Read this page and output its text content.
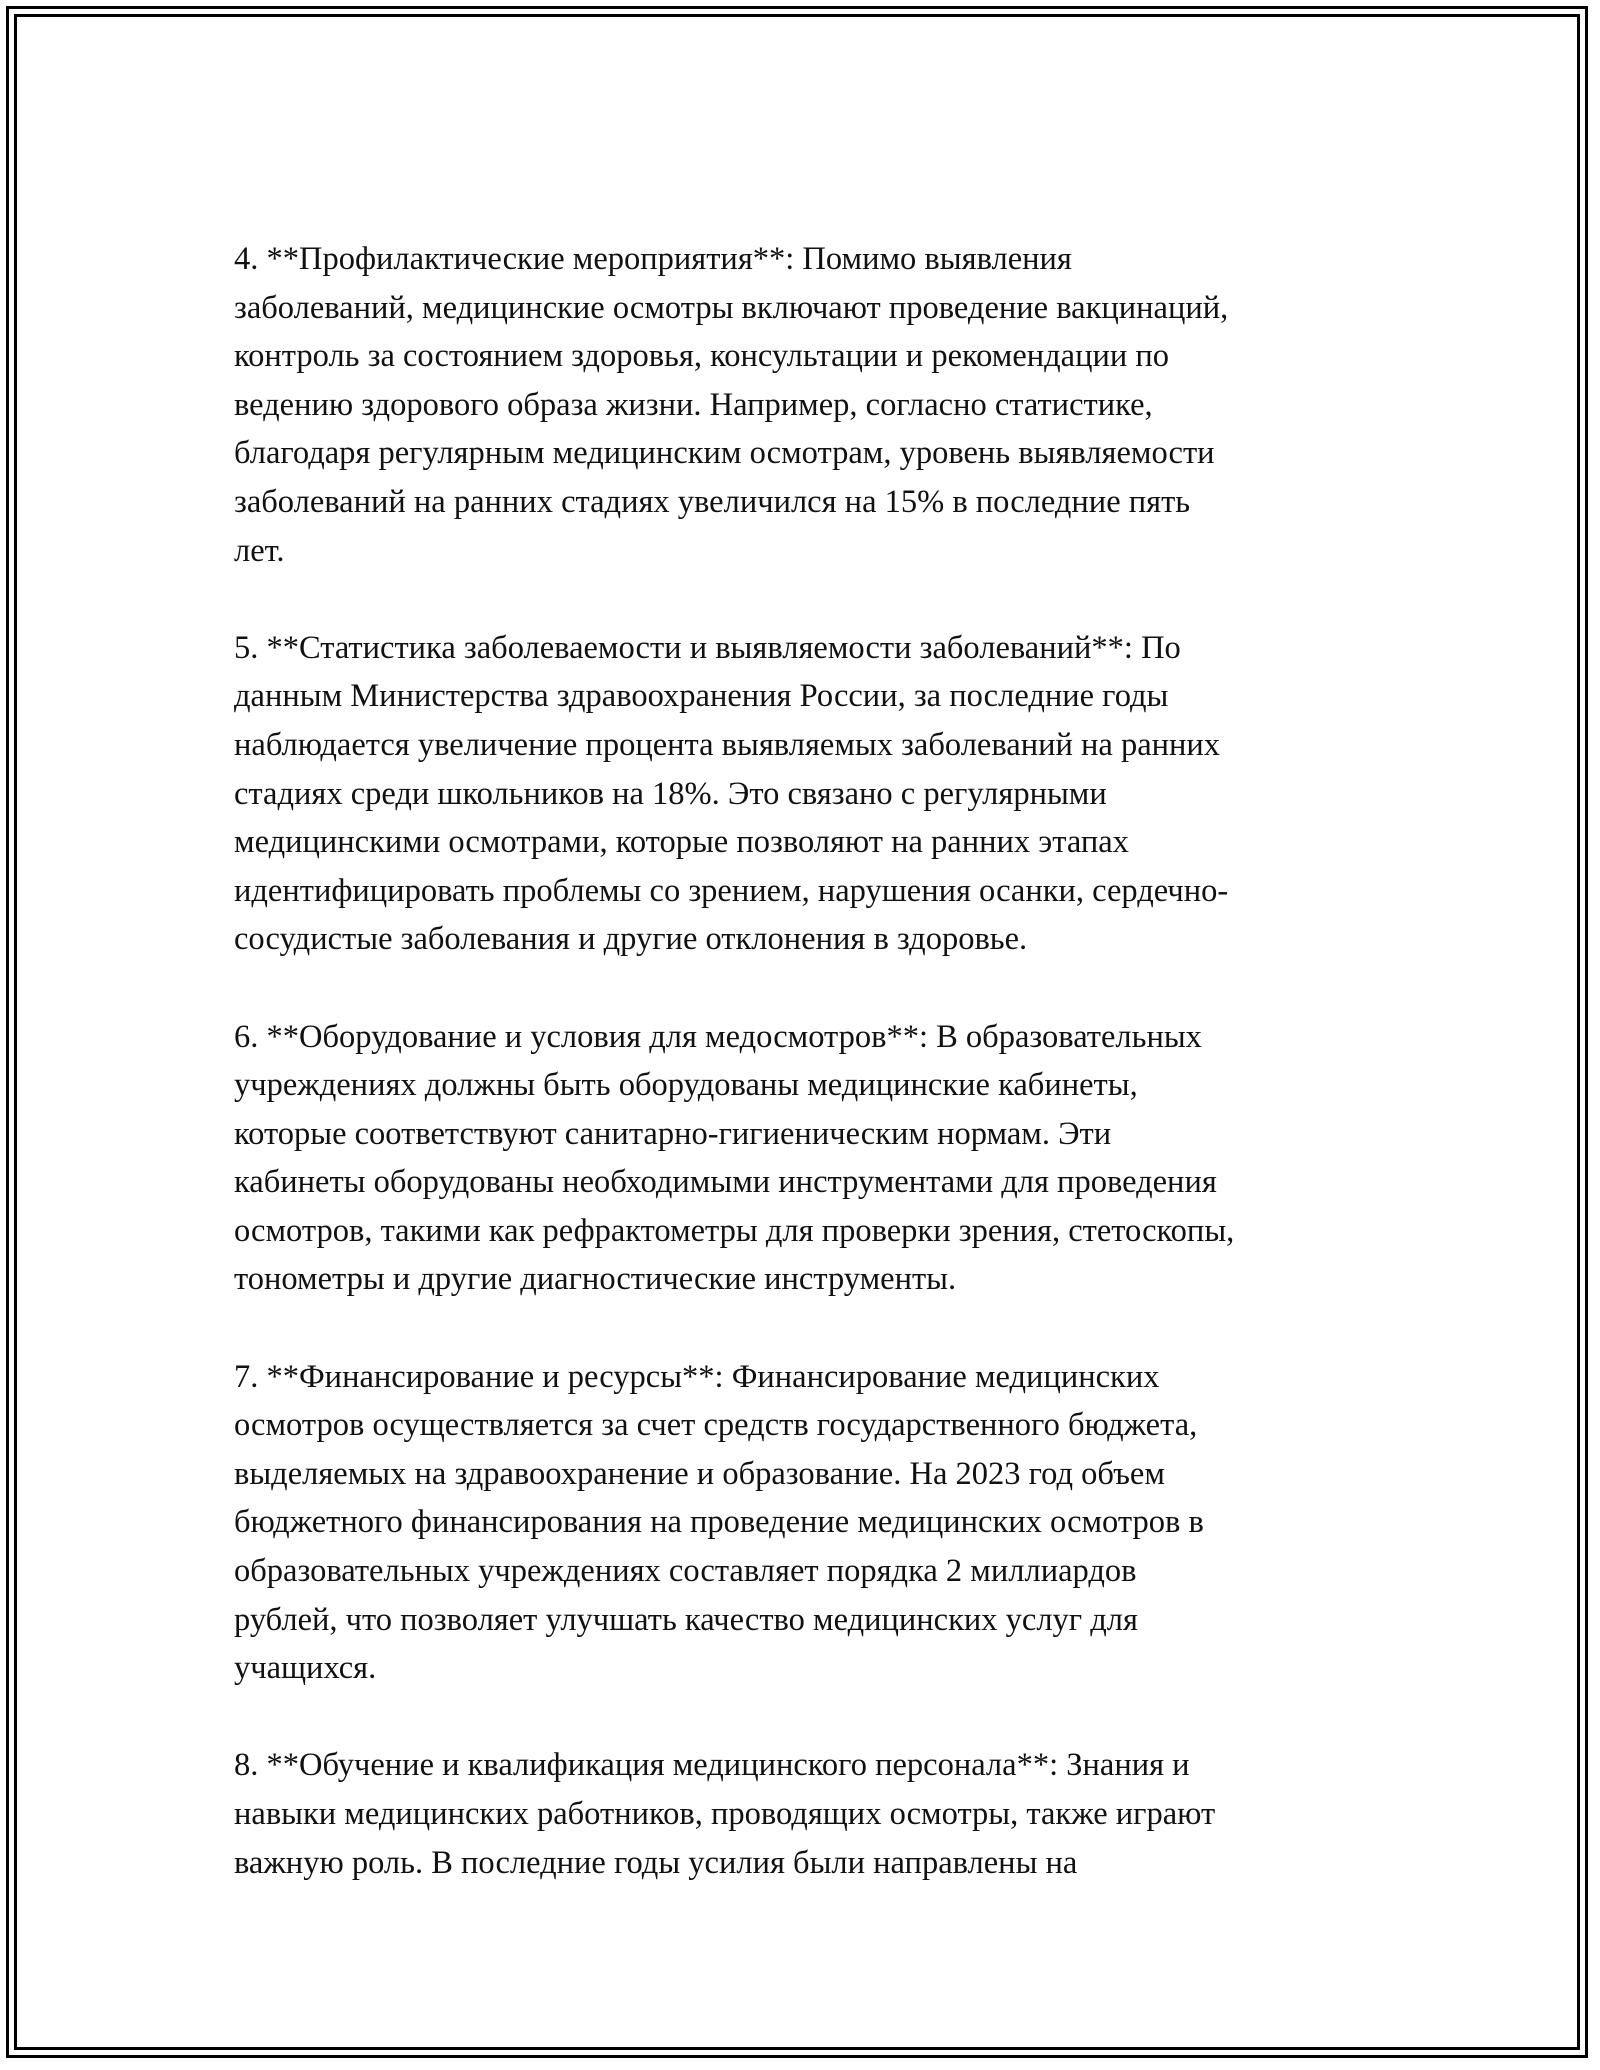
4. **Профилактические мероприятия**: Помимо выявления
заболеваний, медицинские осмотры включают проведение вакцинаций,
контроль за состоянием здоровья, консультации и рекомендации по
ведению здорового образа жизни. Например, согласно статистике,
благодаря регулярным медицинским осмотрам, уровень выявляемости
заболеваний на ранних стадиях увеличился на 15% в последние пять
лет.

5. **Статистика заболеваемости и выявляемости заболеваний**: По
данным Министерства здравоохранения России, за последние годы
наблюдается увеличение процента выявляемых заболеваний на ранних
стадиях среди школьников на 18%. Это связано с регулярными
медицинскими осмотрами, которые позволяют на ранних этапах
идентифицировать проблемы со зрением, нарушения осанки, сердечно-
сосудистые заболевания и другие отклонения в здоровье.

6. **Оборудование и условия для медосмотров**: В образовательных
учреждениях должны быть оборудованы медицинские кабинеты,
которые соответствуют санитарно-гигиеническим нормам. Эти
кабинеты оборудованы необходимыми инструментами для проведения
осмотров, такими как рефрактометры для проверки зрения, стетоскопы,
тонометры и другие диагностические инструменты.

7. **Финансирование и ресурсы**: Финансирование медицинских
осмотров осуществляется за счет средств государственного бюджета,
выделяемых на здравоохранение и образование. На 2023 год объем
бюджетного финансирования на проведение медицинских осмотров в
образовательных учреждениях составляет порядка 2 миллиардов
рублей, что позволяет улучшать качество медицинских услуг для
учащихся.

8. **Обучение и квалификация медицинского персонала**: Знания и
навыки медицинских работников, проводящих осмотры, также играют
важную роль. В последние годы усилия были направлены на
